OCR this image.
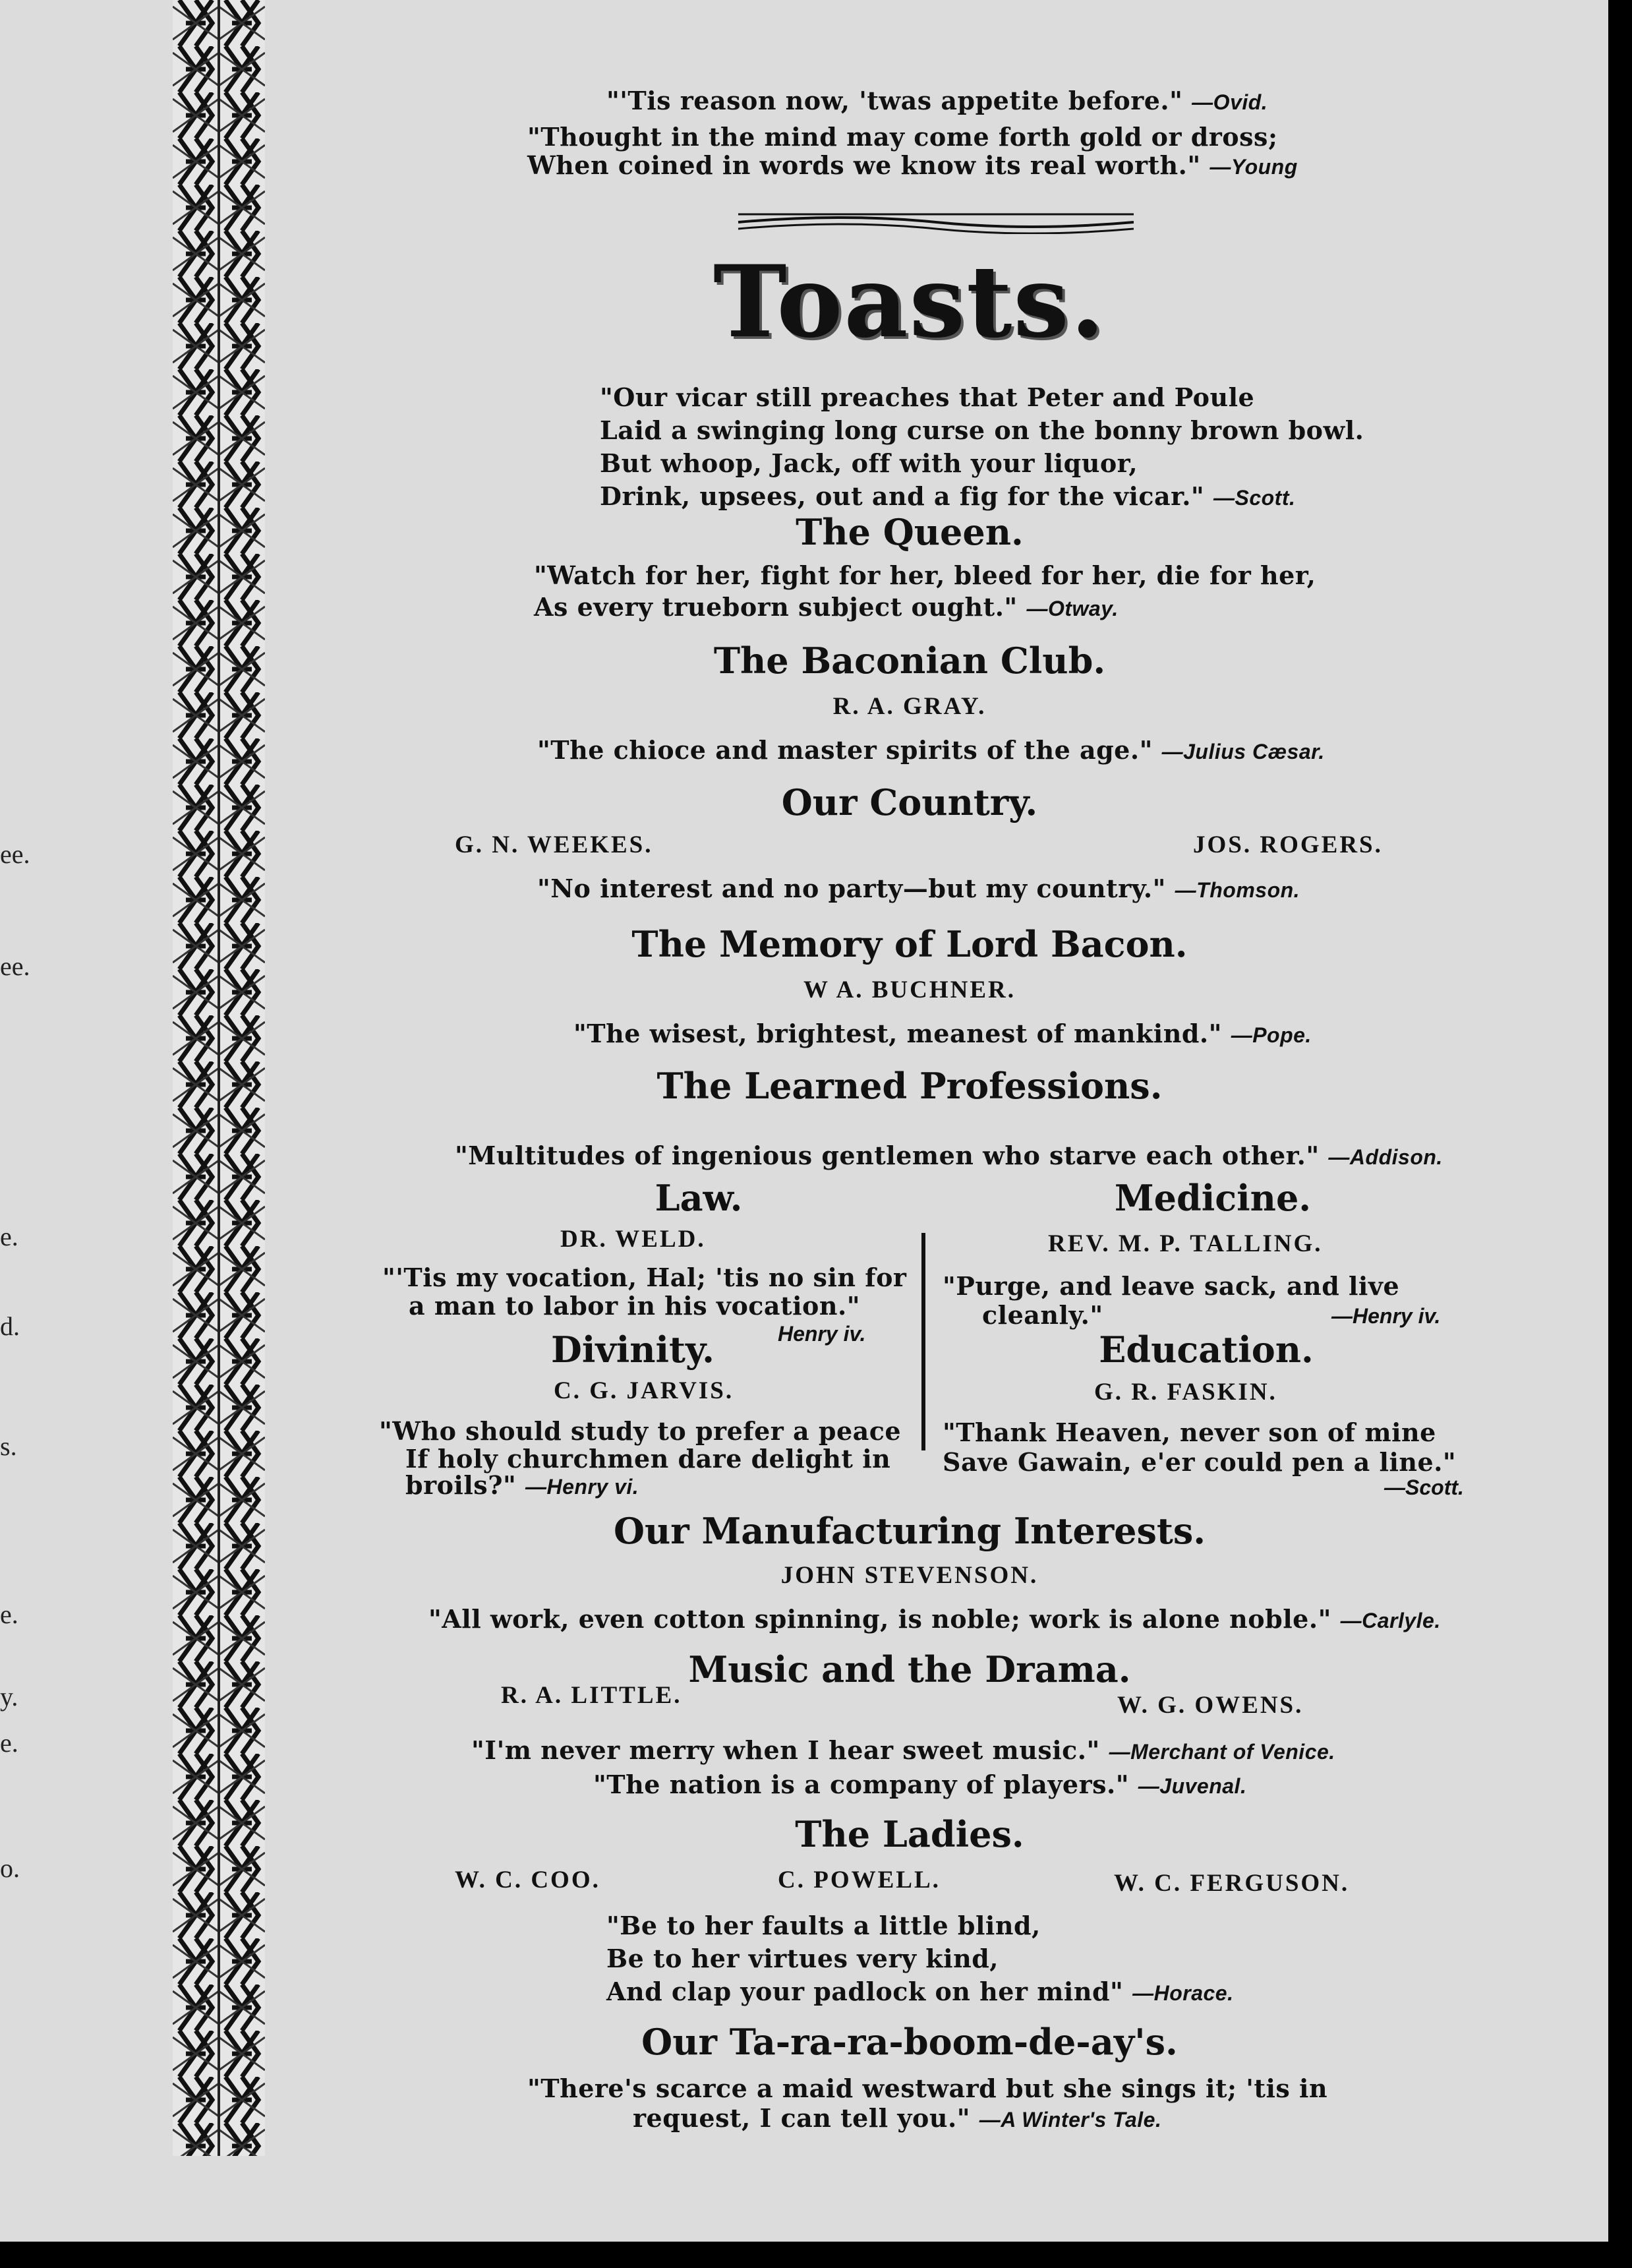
ee.
ee.
e.
d.
s.
e.
y.
e.
o.
"'Tis reason now, 'twas appetite before." —Ovid.
"Thought in the mind may come forth gold or dross;
When coined in words we know its real worth." —Young
Toasts.
"Our vicar still preaches that Peter and Poule
Laid a swinging long curse on the bonny brown bowl.
But whoop, Jack, off with your liquor,
Drink, upsees, out and a fig for the vicar." —Scott.
The Queen.
"Watch for her, fight for her, bleed for her, die for her,
As every trueborn subject ought." —Otway.
The Baconian Club.
R. A. GRAY.
"The chioce and master spirits of the age." —Julius Cæsar.
Our Country.
G. N. WEEKES.	JOS. ROGERS.
"No interest and no party—but my country." —Thomson.
The Memory of Lord Bacon.
W A. BUCHNER.
"The wisest, brightest, meanest of mankind." —Pope.
The Learned Professions.
"Multitudes of ingenious gentlemen who starve each other." —Addison.
Law.
DR. WELD.
"'Tis my vocation, Hal; 'tis no sin for
a man to labor in his vocation."
Henry iv.
Medicine.
REV. M. P. TALLING.
"Purge, and leave sack, and live
cleanly."	—Henry iv.
Divinity.
C. G. JARVIS.
"Who should study to prefer a peace
If holy churchmen dare delight in
broils?" —Henry vi.
Education.
G. R. FASKIN.
"Thank Heaven, never son of mine
Save Gawain, e'er could pen a line."
—Scott.
Our Manufacturing Interests.
JOHN STEVENSON.
"All work, even cotton spinning, is noble; work is alone noble." —Carlyle.
Music and the Drama.
R. A. LITTLE.	W. G. OWENS.
"I'm never merry when I hear sweet music." —Merchant of Venice.
"The nation is a company of players." —Juvenal.
The Ladies.
W. C. COO.	C. POWELL.	W. C. FERGUSON.
"Be to her faults a little blind,
Be to her virtues very kind,
And clap your padlock on her mind" —Horace.
Our Ta-ra-ra-boom-de-ay's.
"There's scarce a maid westward but she sings it; 'tis in
request, I can tell you." —A Winter's Tale.
